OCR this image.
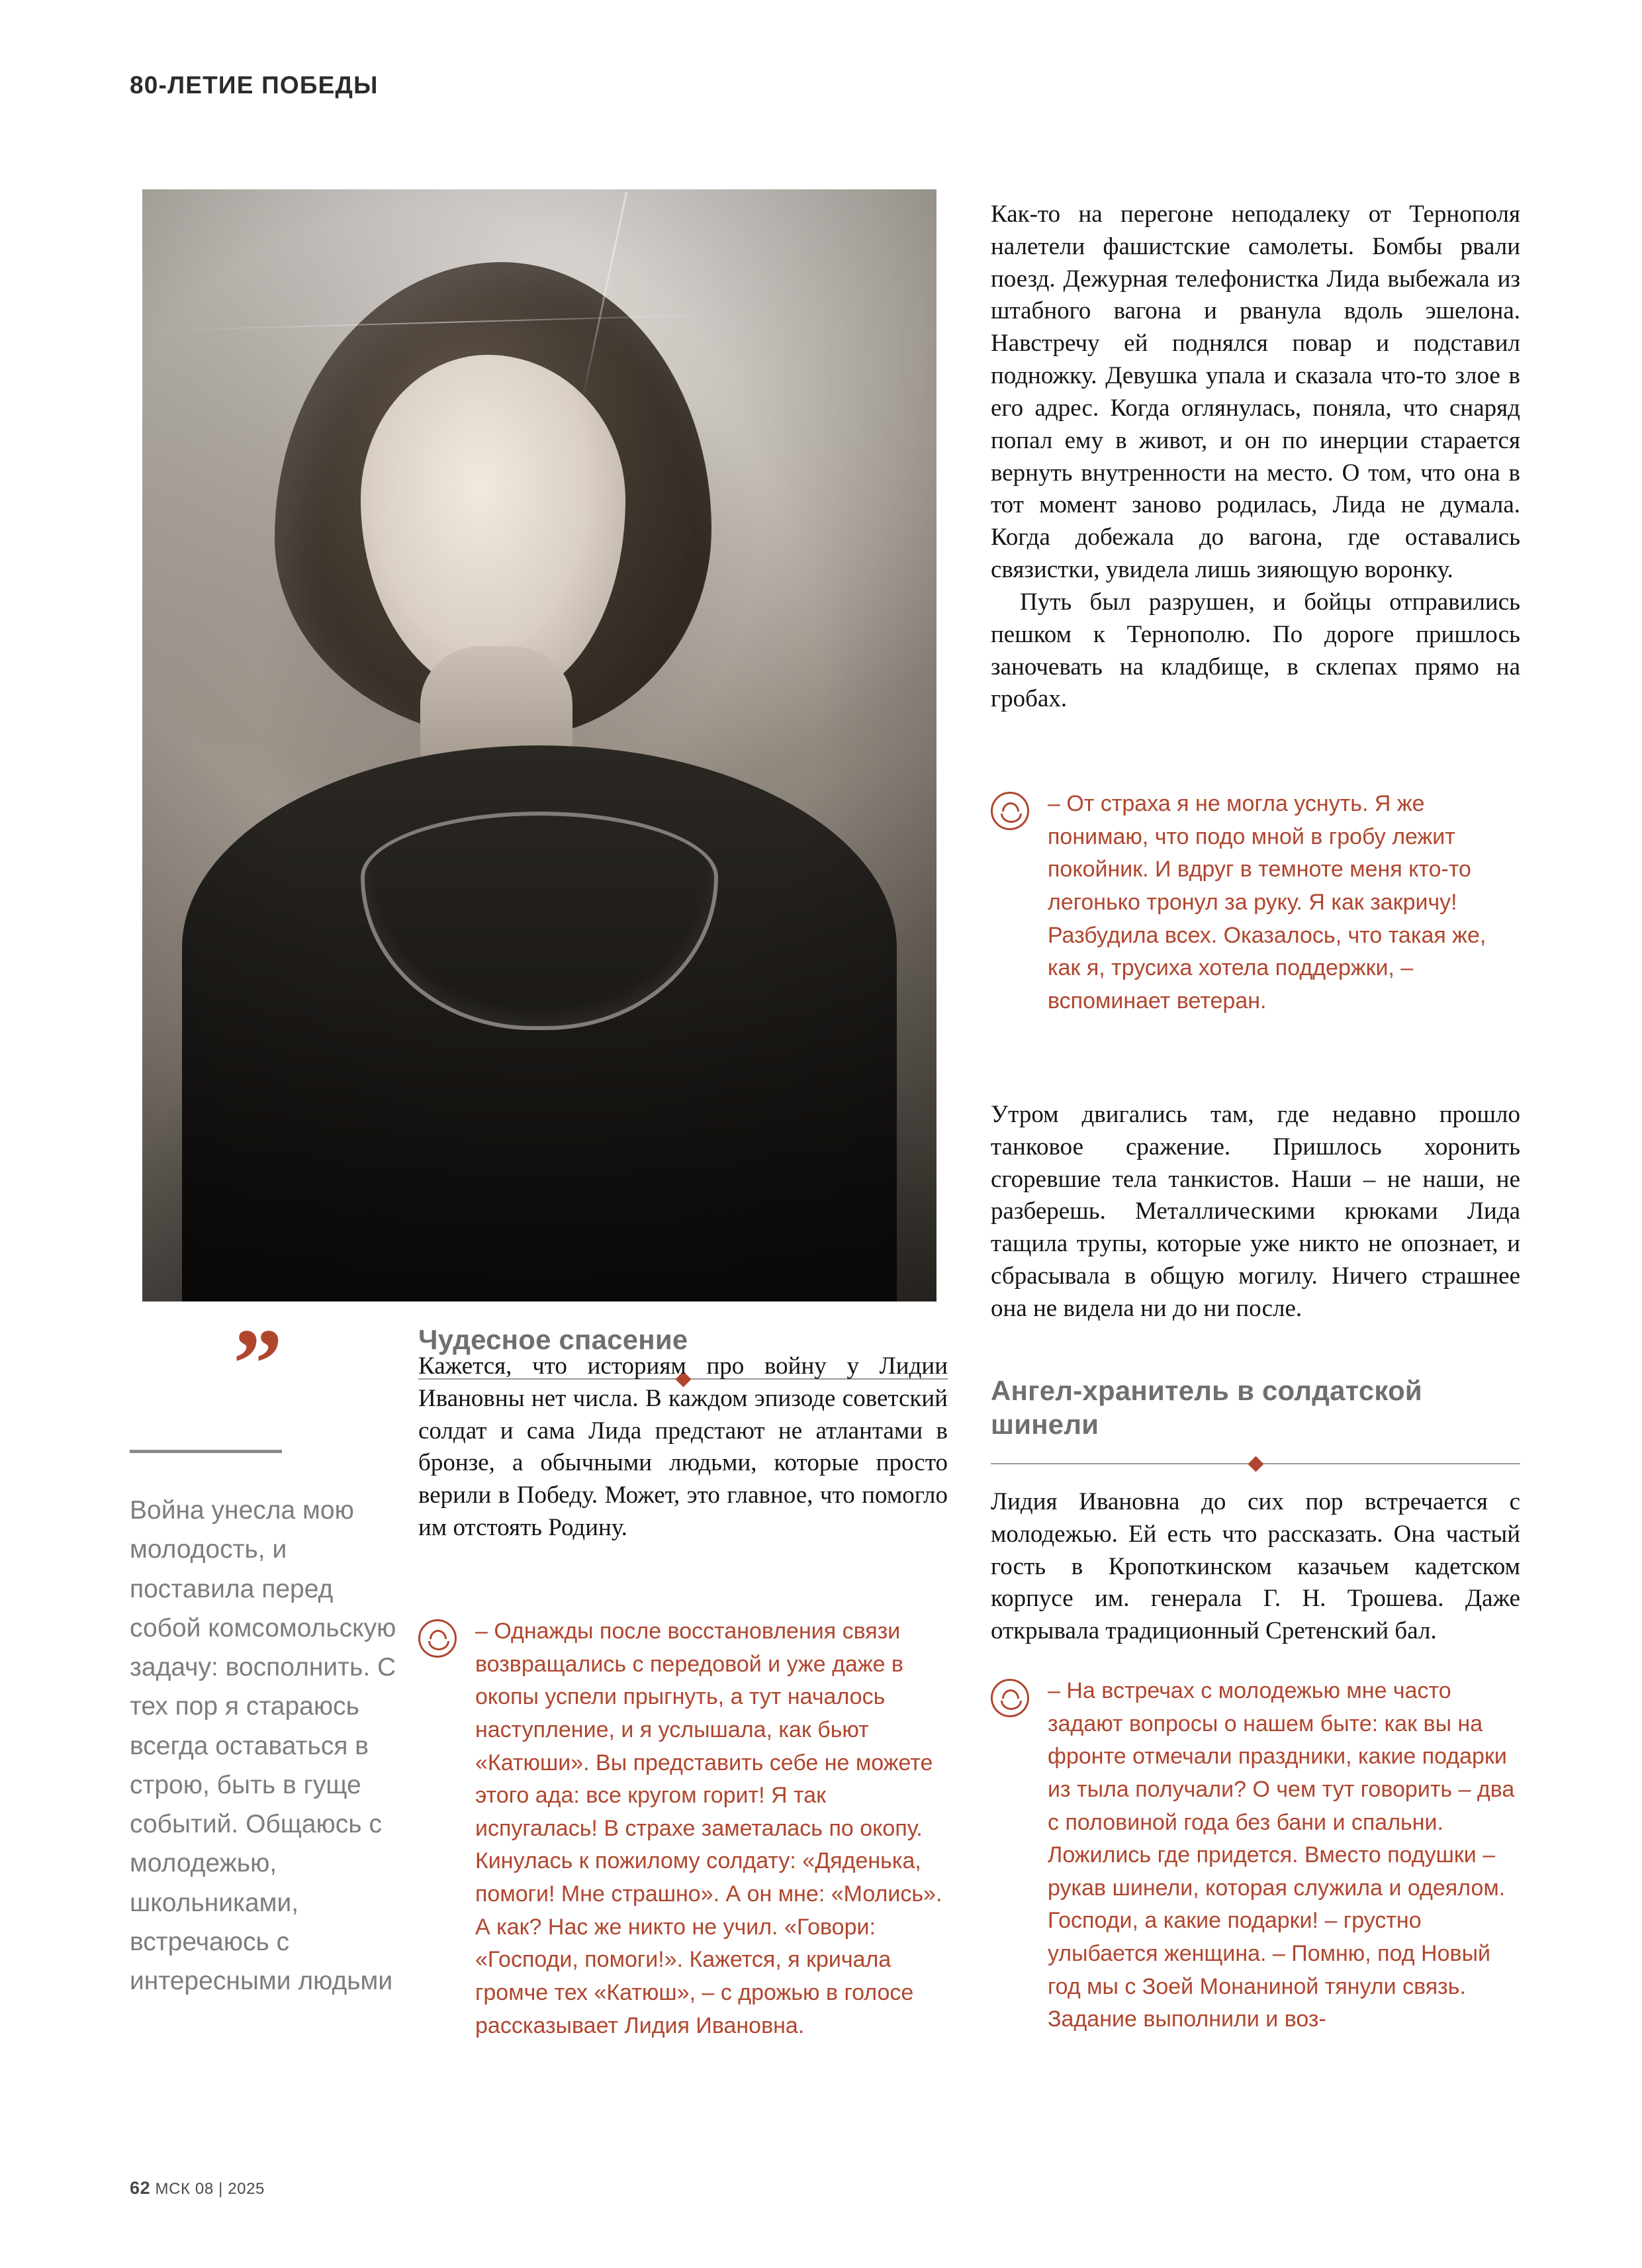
80-ЛЕТИЕ ПОБЕДЫ
”
Война унесла мою молодость, и поставила перед собой комсомольскую задачу: восполнить. С тех пор я стараюсь всегда оставаться в строю, быть в гуще событий. Общаюсь с молодежью, школьниками, встречаюсь с интересными людьми
Чудесное спасение

Кажется, что историям про войну у Лидии Ивановны нет числа. В каждом эпизоде советский солдат и сама Лида предстают не атлантами в бронзе, а обычными людьми, которые просто верили в Победу. Может, это главное, что помогло им отстоять Родину.

– Однажды после восстановления связи возвращались с передовой и уже даже в окопы успели прыгнуть, а тут началось наступление, и я услышала, как бьют «Катюши». Вы представить себе не можете этого ада: все кругом горит! Я так испугалась! В страхе заметалась по окопу. Кинулась к пожилому солдату: «Дяденька, помоги! Мне страшно». А он мне: «Молись». А как? Нас же никто не учил. «Говори: «Господи, помоги!». Кажется, я кричала громче тех «Катюш», – с дрожью в голосе рассказывает Лидия Ивановна.

Как-то на перегоне неподалеку от Тернополя налетели фашистские самолеты. Бомбы рвали поезд. Дежурная телефонистка Лида выбежала из штабного вагона и рванула вдоль эшелона. Навстречу ей поднялся повар и подставил подножку. Девушка упала и сказала что-то злое в его адрес. Когда оглянулась, поняла, что снаряд попал ему в живот, и он по инерции старается вернуть внутренности на место. О том, что она в тот момент заново родилась, Лида не думала. Когда добежала до вагона, где оставались связистки, увидела лишь зияющую воронку.

Путь был разрушен, и бойцы отправились пешком к Тернополю. По дороге пришлось заночевать на кладбище, в склепах прямо на гробах.

– От страха я не могла уснуть. Я же понимаю, что подо мной в гробу лежит покойник. И вдруг в темноте меня кто-то легонько тронул за руку. Я как закричу! Разбудила всех. Оказалось, что такая же, как я, трусиха хотела поддержки, – вспоминает ветеран.

Утром двигались там, где недавно прошло танковое сражение. Пришлось хоронить сгоревшие тела танкистов. Наши – не наши, не разберешь. Металлическими крюками Лида тащила трупы, которые уже никто не опознает, и сбрасывала в общую могилу. Ничего страшнее она не видела ни до ни после.

Ангел-хранитель в солдатской шинели

Лидия Ивановна до сих пор встречается с молодежью. Ей есть что рассказать. Она частый гость в Кропоткинском казачьем кадетском корпусе им. генерала Г. Н. Трошева. Даже открывала традиционный Сретенский бал.

– На встречах с молодежью мне часто задают вопросы о нашем быте: как вы на фронте отмечали праздники, какие подарки из тыла получали? О чем тут говорить – два с половиной года без бани и спальни. Ложились где придется. Вместо подушки – рукав шинели, которая служила и одеялом. Господи, а какие подарки! – грустно улыбается женщина. – Помню, под Новый год мы с Зоей Монаниной тянули связь. Задание выполнили и воз-
62 МСК 08 | 2025
